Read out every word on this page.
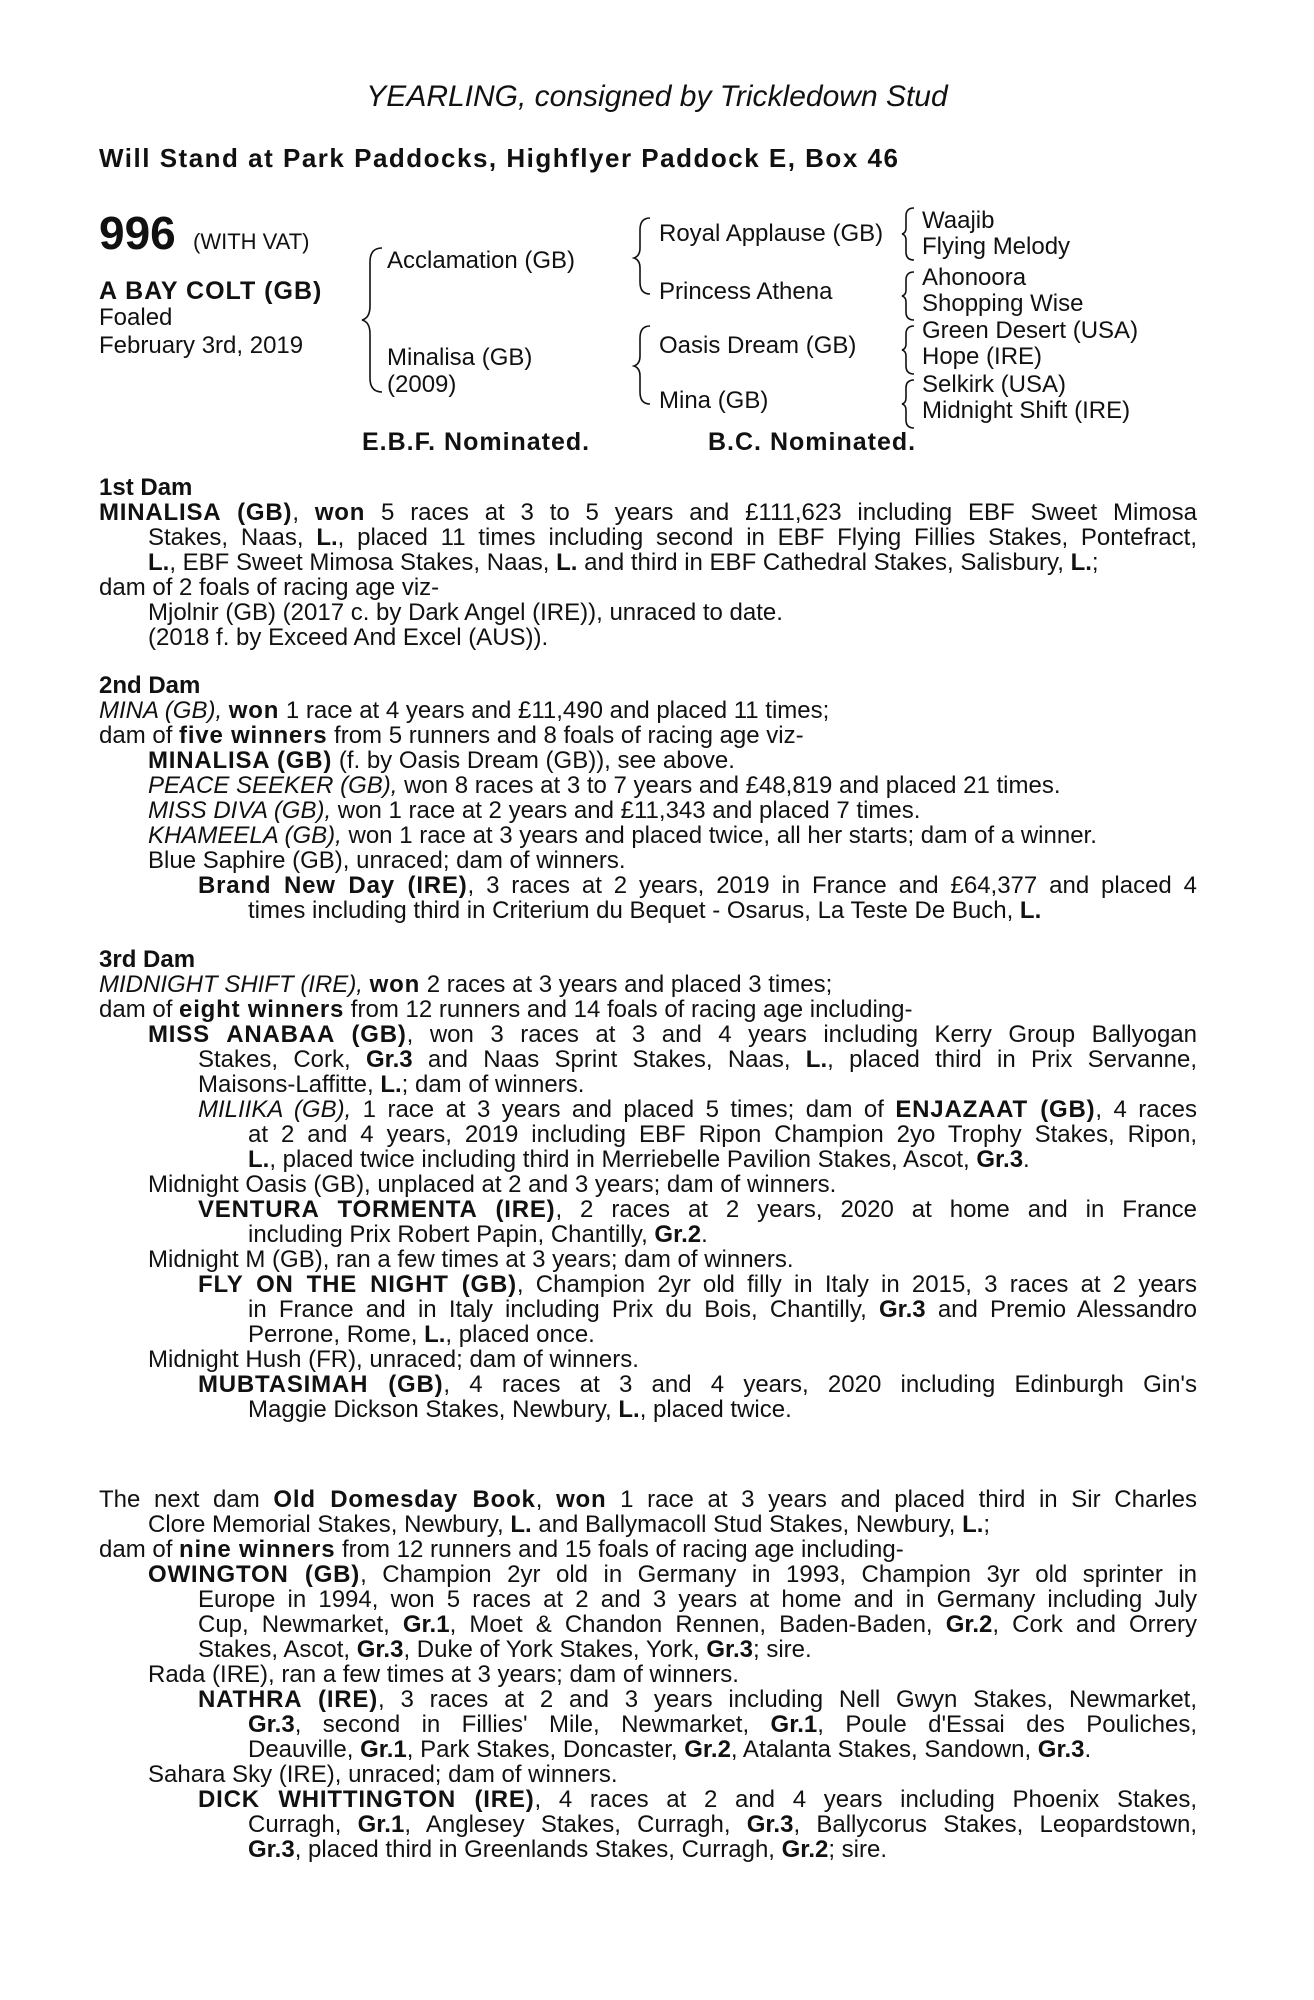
YEARLING, consigned by Trickledown Stud
Will Stand at Park Paddocks, Highflyer Paddock E, Box 46
996 (WITH VAT)
A BAY COLT (GB)
Foaled
February 3rd, 2019
Acclamation (GB)
Minalisa (GB)
(2009)
Royal Applause (GB)
Princess Athena
Oasis Dream (GB)
Mina (GB)
Waajib
Flying Melody
Ahonoora
Shopping Wise
Green Desert (USA)
Hope (IRE)
Selkirk (USA)
Midnight Shift (IRE)
E.B.F. Nominated.	B.C. Nominated.
1st Dam
MINALISA (GB), won 5 races at 3 to 5 years and £111,623 including EBF Sweet Mimosa
Stakes, Naas, L., placed 11 times including second in EBF Flying Fillies Stakes, Pontefract,
L., EBF Sweet Mimosa Stakes, Naas, L. and third in EBF Cathedral Stakes, Salisbury, L.;
dam of 2 foals of racing age viz-
Mjolnir (GB) (2017 c. by Dark Angel (IRE)), unraced to date.
(2018 f. by Exceed And Excel (AUS)).
2nd Dam
MINA (GB), won 1 race at 4 years and £11,490 and placed 11 times;
dam of five winners from 5 runners and 8 foals of racing age viz-
MINALISA (GB) (f. by Oasis Dream (GB)), see above.
PEACE SEEKER (GB), won 8 races at 3 to 7 years and £48,819 and placed 21 times.
MISS DIVA (GB), won 1 race at 2 years and £11,343 and placed 7 times.
KHAMEELA (GB), won 1 race at 3 years and placed twice, all her starts; dam of a winner.
Blue Saphire (GB), unraced; dam of winners.
Brand New Day (IRE), 3 races at 2 years, 2019 in France and £64,377 and placed 4
times including third in Criterium du Bequet - Osarus, La Teste De Buch, L.
3rd Dam
MIDNIGHT SHIFT (IRE), won 2 races at 3 years and placed 3 times;
dam of eight winners from 12 runners and 14 foals of racing age including-
MISS ANABAA (GB), won 3 races at 3 and 4 years including Kerry Group Ballyogan
Stakes, Cork, Gr.3 and Naas Sprint Stakes, Naas, L., placed third in Prix Servanne,
Maisons-Laffitte, L.; dam of winners.
MILIIKA (GB), 1 race at 3 years and placed 5 times; dam of ENJAZAAT (GB), 4 races
at 2 and 4 years, 2019 including EBF Ripon Champion 2yo Trophy Stakes, Ripon,
L., placed twice including third in Merriebelle Pavilion Stakes, Ascot, Gr.3.
Midnight Oasis (GB), unplaced at 2 and 3 years; dam of winners.
VENTURA TORMENTA (IRE), 2 races at 2 years, 2020 at home and in France
including Prix Robert Papin, Chantilly, Gr.2.
Midnight M (GB), ran a few times at 3 years; dam of winners.
FLY ON THE NIGHT (GB), Champion 2yr old filly in Italy in 2015, 3 races at 2 years
in France and in Italy including Prix du Bois, Chantilly, Gr.3 and Premio Alessandro
Perrone, Rome, L., placed once.
Midnight Hush (FR), unraced; dam of winners.
MUBTASIMAH (GB), 4 races at 3 and 4 years, 2020 including Edinburgh Gin's
Maggie Dickson Stakes, Newbury, L., placed twice.
The next dam Old Domesday Book, won 1 race at 3 years and placed third in Sir Charles
Clore Memorial Stakes, Newbury, L. and Ballymacoll Stud Stakes, Newbury, L.;
dam of nine winners from 12 runners and 15 foals of racing age including-
OWINGTON (GB), Champion 2yr old in Germany in 1993, Champion 3yr old sprinter in
Europe in 1994, won 5 races at 2 and 3 years at home and in Germany including July
Cup, Newmarket, Gr.1, Moet & Chandon Rennen, Baden-Baden, Gr.2, Cork and Orrery
Stakes, Ascot, Gr.3, Duke of York Stakes, York, Gr.3; sire.
Rada (IRE), ran a few times at 3 years; dam of winners.
NATHRA (IRE), 3 races at 2 and 3 years including Nell Gwyn Stakes, Newmarket,
Gr.3, second in Fillies' Mile, Newmarket, Gr.1, Poule d'Essai des Pouliches,
Deauville, Gr.1, Park Stakes, Doncaster, Gr.2, Atalanta Stakes, Sandown, Gr.3.
Sahara Sky (IRE), unraced; dam of winners.
DICK WHITTINGTON (IRE), 4 races at 2 and 4 years including Phoenix Stakes,
Curragh, Gr.1, Anglesey Stakes, Curragh, Gr.3, Ballycorus Stakes, Leopardstown,
Gr.3, placed third in Greenlands Stakes, Curragh, Gr.2; sire.
